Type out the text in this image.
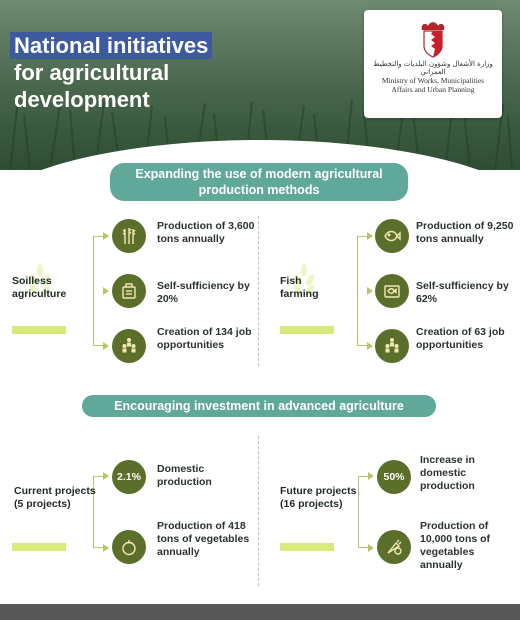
National initiatives
for agricultural
development
وزارة الأشغال وشؤون البلديات والتخطيط العمراني
Ministry of Works, Municipalities
Affairs and Urban Planning
Expanding the use of modern agricultural production methods
Soilless agriculture
Production of 3,600 tons annually
Self-sufficiency by 20%
Creation of 134 job opportunities
Fish farming
Production of 9,250 tons annually
Self-sufficiency by 62%
Creation of 63 job opportunities
Encouraging investment in advanced agriculture
Current projects (5 projects)
2.1%
Domestic production
Production of 418 tons of vegetables annually
Future projects (16 projects)
50%
Increase in domestic production
Production of 10,000 tons of vegetables annually
